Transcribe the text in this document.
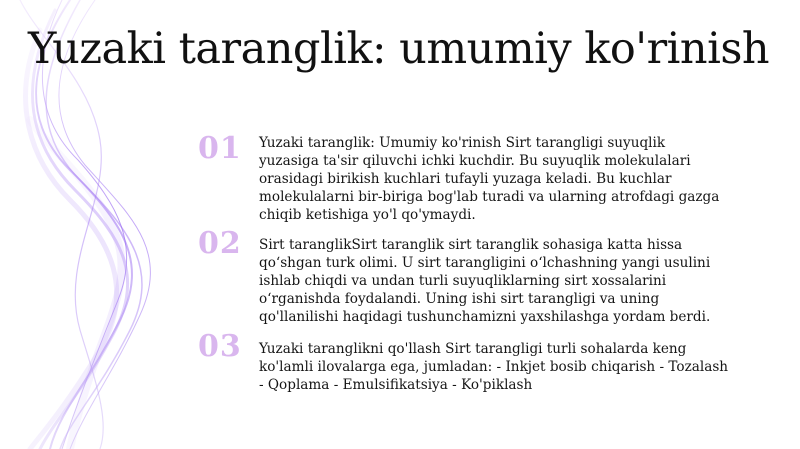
Yuzaki taranglik: umumiy ko'rinish
01 Yuzaki taranglik: Umumiy ko'rinish Sirt tarangligi suyuqlik yuzasiga ta'sir qiluvchi ichki kuchdir. Bu suyuqlik molekulalari orasidagi birikish kuchlari tufayli yuzaga keladi. Bu kuchlar molekulalarni bir-biriga bog'lab turadi va ularning atrofdagi gazga chiqib ketishiga yo'l qo'ymaydi.
02 Sirt taranglikSirt taranglik sirt taranglik sohasiga katta hissa qo‘shgan turk olimi. U sirt tarangligini o‘lchashning yangi usulini ishlab chiqdi va undan turli suyuqliklarning sirt xossalarini o‘rganishda foydalandi. Uning ishi sirt tarangligi va uning qo'llanilishi haqidagi tushunchamizni yaxshilashga yordam berdi.
03 Yuzaki taranglikni qo'llash Sirt tarangligi turli sohalarda keng ko'lamli ilovalarga ega, jumladan: - Inkjet bosib chiqarish - Tozalash - Qoplama - Emulsifikatsiya - Ko'piklash
